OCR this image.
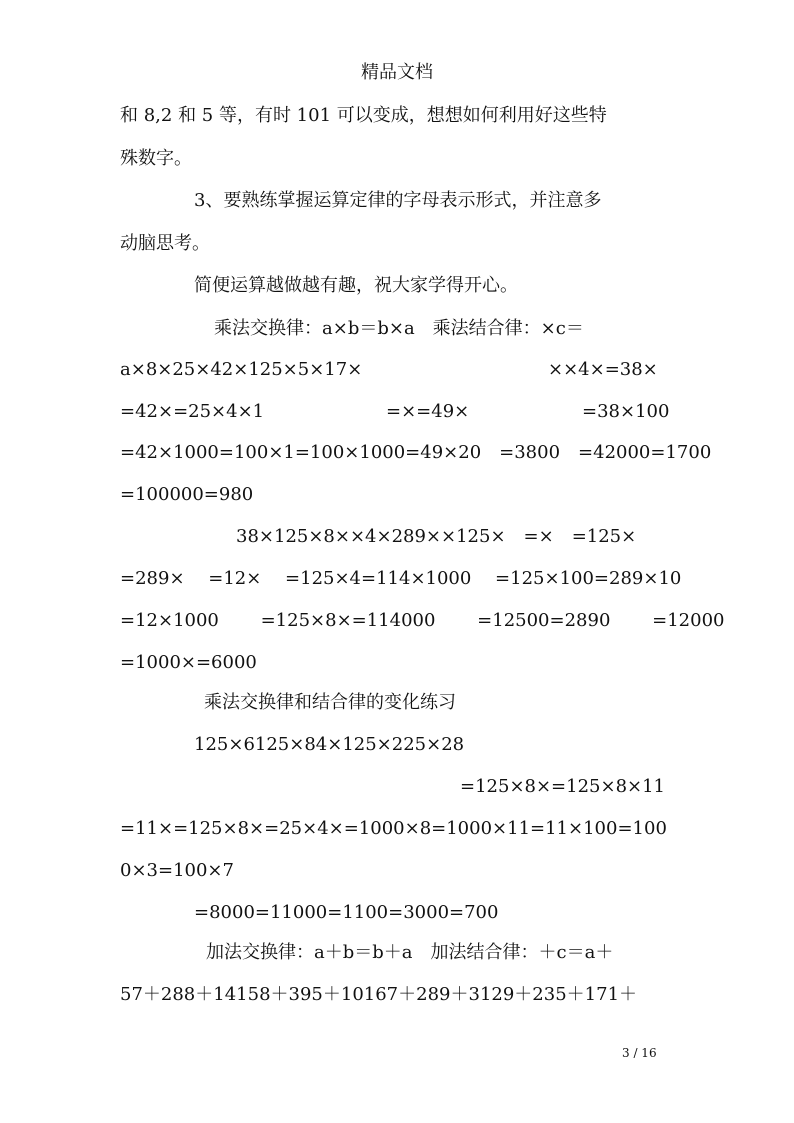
精品文档
和 8,2 和 5 等，有时 101 可以变成，想想如何利用好这些特
殊数字。
3、要熟练掌握运算定律的字母表示形式，并注意多
动脑思考。
简便运算越做越有趣，祝大家学得开心。
乘法交换律：a×b＝b×a　乘法结合律：×c＝
a×8×25×42×125×5×17×	××4×=38×
=42×=25×4×1	=×=49×	=38×100
=42×1000=100×1=100×1000=49×20　=3800　=42000=1700
=100000=980
38×125×8××4×289××125×　=×　=125×
=289×　 =12×　 =125×4=114×1000　 =125×100=289×10
=12×1000　　 =125×8×=114000　　 =12500=2890　　 =12000
=1000×=6000
乘法交换律和结合律的变化练习
125×6125×84×125×225×28
=125×8×=125×8×11
=11×=125×8×=25×4×=1000×8=1000×11=11×100=100
0×3=100×7
=8000=11000=1100=3000=700
加法交换律：a＋b＝b＋a　加法结合律：＋c＝a＋
57＋288＋14158＋395＋10167＋289＋3129＋235＋171＋
3 / 16
